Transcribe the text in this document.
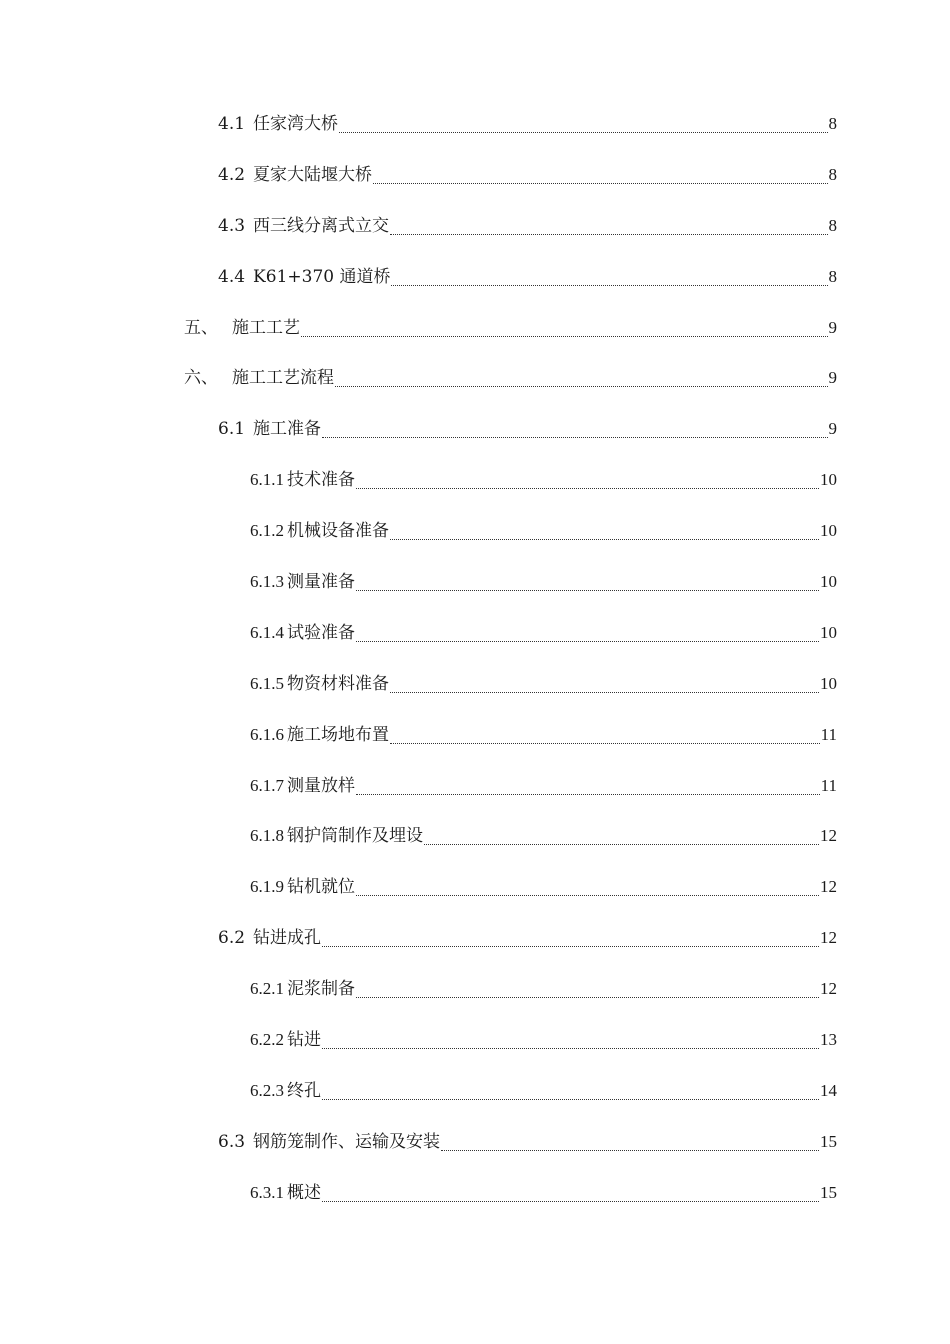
4.1 任家湾大桥	8
4.2 夏家大陆堰大桥	8
4.3 西三线分离式立交	8
4.4 K61+370 通道桥	8
五、 施工工艺	9
六、 施工工艺流程	9
6.1 施工准备	9
6.1.1 技术准备	10
6.1.2 机械设备准备	10
6.1.3 测量准备	10
6.1.4 试验准备	10
6.1.5 物资材料准备	10
6.1.6 施工场地布置	11
6.1.7 测量放样	11
6.1.8 钢护筒制作及埋设	12
6.1.9 钻机就位	12
6.2 钻进成孔	12
6.2.1 泥浆制备	12
6.2.2 钻进	13
6.2.3 终孔	14
6.3 钢筋笼制作、运输及安装	15
6.3.1 概述	15
